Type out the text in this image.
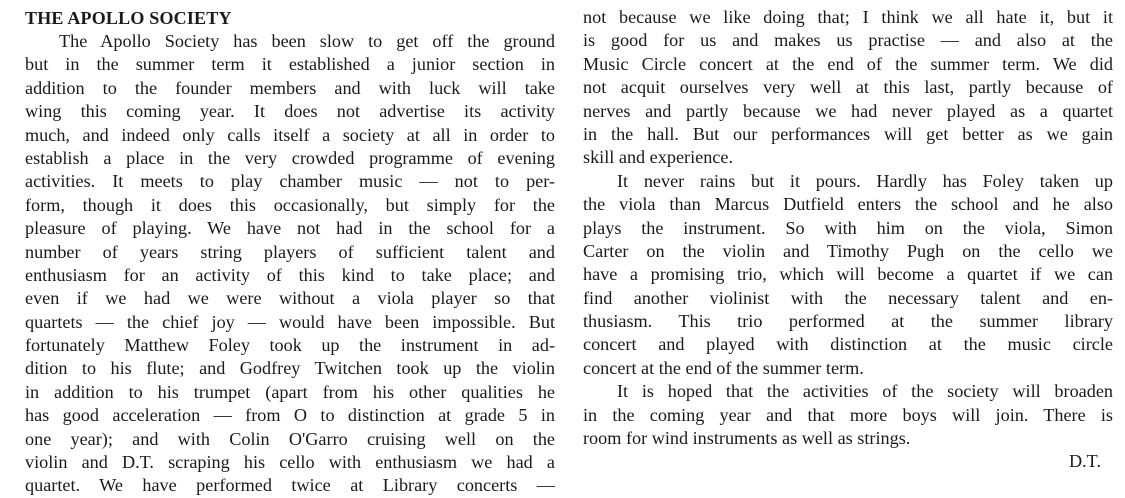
THE APOLLO SOCIETY
The Apollo Society has been slow to get off the ground
but in the summer term it established a junior section in
addition to the founder members and with luck will take
wing this coming year. It does not advertise its activity
much, and indeed only calls itself a society at all in order to
establish a place in the very crowded programme of evening
activities. It meets to play chamber music — not to per-
form, though it does this occasionally, but simply for the
pleasure of playing. We have not had in the school for a
number of years string players of sufficient talent and
enthusiasm for an activity of this kind to take place; and
even if we had we were without a viola player so that
quartets — the chief joy — would have been impossible. But
fortunately Matthew Foley took up the instrument in ad-
dition to his flute; and Godfrey Twitchen took up the violin
in addition to his trumpet (apart from his other qualities he
has good acceleration — from O to distinction at grade 5 in
one year); and with Colin O'Garro cruising well on the
violin and D.T. scraping his cello with enthusiasm we had a
quartet. We have performed twice at Library concerts —
not because we like doing that; I think we all hate it, but it
is good for us and makes us practise — and also at the
Music Circle concert at the end of the summer term. We did
not acquit ourselves very well at this last, partly because of
nerves and partly because we had never played as a quartet
in the hall. But our performances will get better as we gain
skill and experience.
It never rains but it pours. Hardly has Foley taken up
the viola than Marcus Dutfield enters the school and he also
plays the instrument. So with him on the viola, Simon
Carter on the violin and Timothy Pugh on the cello we
have a promising trio, which will become a quartet if we can
find another violinist with the necessary talent and en-
thusiasm. This trio performed at the summer library
concert and played with distinction at the music circle
concert at the end of the summer term.
It is hoped that the activities of the society will broaden
in the coming year and that more boys will join. There is
room for wind instruments as well as strings.
D.T.
